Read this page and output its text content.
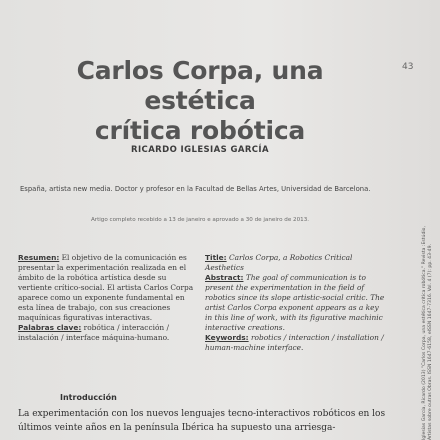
Carlos Corpa, una estética
crítica robótica
43
RICARDO IGLESIAS GARCÍA
España, artista new media. Doctor y profesor en la Facultad de Bellas Artes, Universidad de Barcelona.
Artigo completo recebido a 13 de janeiro e aprovado a 30 de janeiro de 2013.

Resumen: El objetivo de la comunicación es presentar la experimentación realizada en el ámbito de la robótica artística desde su vertiente crítico-social. El artista Carlos Corpa aparece como un exponente fundamental en esta línea de trabajo, con sus creaciones maquínicas figurativas interactivas.

Palabras clave: robótica / interacción / instalación / interface máquina-humano.

Title: Carlos Corpa, a Robotics Critical Aesthetics

Abstract: The goal of communication is to present the experimentation in the field of robotics since its slope artistic-social critic. The artist Carlos Corpa exponent appears as a key in this line of work, with its figurative machinic interactive creations.

Keywords: robotics / interaction / installation / human-machine interface.

Introducción

La experimentación con los nuevos lenguajes tecno-interactivos robóticos en los últimos veinte años en la península Ibérica ha supuesto una arriesga-	Iglesias García, Ricardo (2013) "Carlos Corpa, una estética crítica robótica." Revista :Estúdio, Artistas sobre outras Obras. ISSN 1647-6158, eISSN 1647-7316. Vol. 4 (7): pp. 43-49.
